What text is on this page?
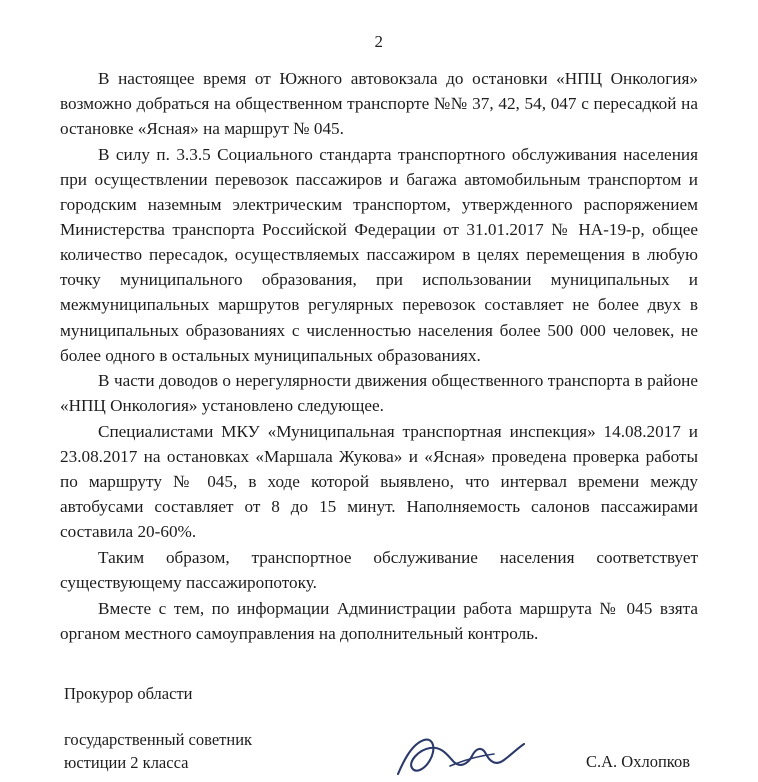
2

В настоящее время от Южного автовокзала до остановки «НПЦ Онкология» возможно добраться на общественном транспорте №№ 37, 42, 54, 047 с пересадкой на остановке «Ясная» на маршрут № 045.

В силу п. 3.3.5 Социального стандарта транспортного обслуживания населения при осуществлении перевозок пассажиров и багажа автомобильным транспортом и городским наземным электрическим транспортом, утвержденного распоряжением Министерства транспорта Российской Федерации от 31.01.2017 № НА-19-р, общее количество пересадок, осуществляемых пассажиром в целях перемещения в любую точку муниципального образования, при использовании муниципальных и межмуниципальных маршрутов регулярных перевозок составляет не более двух в муниципальных образованиях с численностью населения более 500 000 человек, не более одного в остальных муниципальных образованиях.

В части доводов о нерегулярности движения общественного транспорта в районе «НПЦ Онкология» установлено следующее.

Специалистами МКУ «Муниципальная транспортная инспекция» 14.08.2017 и 23.08.2017 на остановках «Маршала Жукова» и «Ясная» проведена проверка работы по маршруту № 045, в ходе которой выявлено, что интервал времени между автобусами составляет от 8 до 15 минут. Наполняемость салонов пассажирами составила 20-60%.

Таким образом, транспортное обслуживание населения соответствует существующему пассажиропотоку.

Вместе с тем, по информации Администрации работа маршрута № 045 взята органом местного самоуправления на дополнительный контроль.

Прокурор области
государственный советник
юстиции 2 класса	С.А. Охлопков
